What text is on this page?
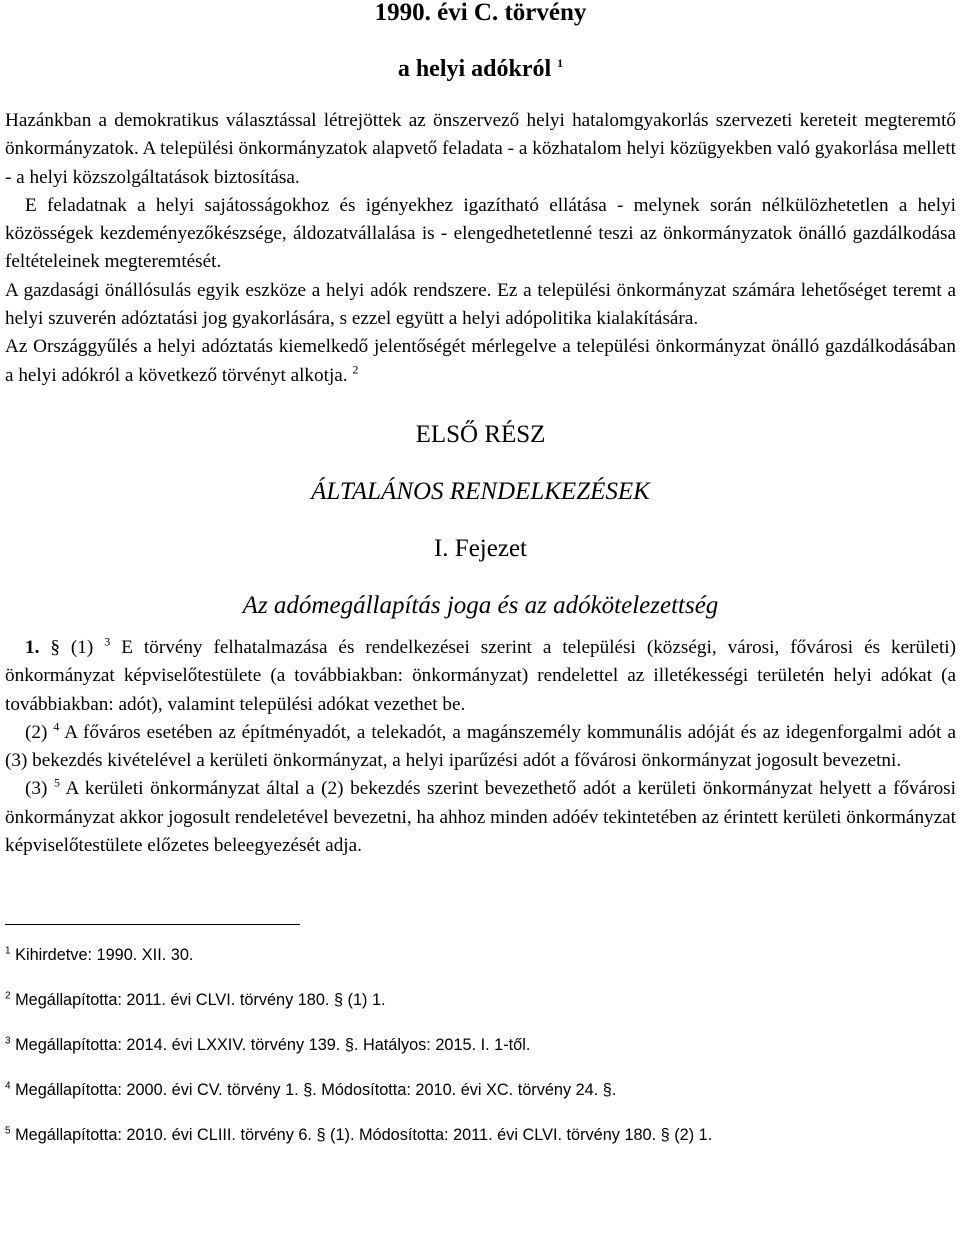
1990. évi C. törvény
a helyi adókról $^1$

Hazánkban a demokratikus választással létrejöttek az önszervező helyi hatalomgyakorlás szervezeti kereteit megteremtő önkormányzatok. A települési önkormányzatok alapvető feladata - a közhatalom helyi közügyekben való gyakorlása mellett - a helyi közszolgáltatások biztosítása.

E feladatnak a helyi sajátosságokhoz és igényekhez igazítható ellátása - melynek során nélkülözhetetlen a helyi közösségek kezdeményezőkészsége, áldozatvállalása is - elengedhetetlenné teszi az önkormányzatok önálló gazdálkodása feltételeinek megteremtését.

A gazdasági önállósulás egyik eszköze a helyi adók rendszere. Ez a települési önkormányzat számára lehetőséget teremt a helyi szuverén adóztatási jog gyakorlására, s ezzel együtt a helyi adópolitika kialakítására.

Az Országgyűlés a helyi adóztatás kiemelkedő jelentőségét mérlegelve a települési önkormányzat önálló gazdálkodásában a helyi adókról a következő törvényt alkotja. $^2$

ELSŐ RÉSZ
ÁLTALÁNOS RENDELKEZÉSEK
I. Fejezet
Az adómegállapítás joga és az adókötelezettség

1. § (1) $^3$ E törvény felhatalmazása és rendelkezései szerint a települési (községi, városi, fővárosi és kerületi) önkormányzat képviselőtestülete (a továbbiakban: önkormányzat) rendelettel az illetékességi területén helyi adókat (a továbbiakban: adót), valamint települési adókat vezethet be.

(2) $^4$ A főváros esetében az építményadót, a telekadót, a magánszemély kommunális adóját és az idegenforgalmi adót a (3) bekezdés kivételével a kerületi önkormányzat, a helyi iparűzési adót a fővárosi önkormányzat jogosult bevezetni.

(3) $^5$ A kerületi önkormányzat által a (2) bekezdés szerint bevezethető adót a kerületi önkormányzat helyett a fővárosi önkormányzat akkor jogosult rendeletével bevezetni, ha ahhoz minden adóév tekintetében az érintett kerületi önkormányzat képviselőtestülete előzetes beleegyezését adja.

$^1$ Kihirdetve: 1990. XII. 30.

$^2$ Megállapította: 2011. évi CLVI. törvény 180. § (1) 1.

$^3$ Megállapította: 2014. évi LXXIV. törvény 139. §. Hatályos: 2015. I. 1-től.

$^4$ Megállapította: 2000. évi CV. törvény 1. §. Módosította: 2010. évi XC. törvény 24. §.

$^5$ Megállapította: 2010. évi CLIII. törvény 6. § (1). Módosította: 2011. évi CLVI. törvény 180. § (2) 1.
